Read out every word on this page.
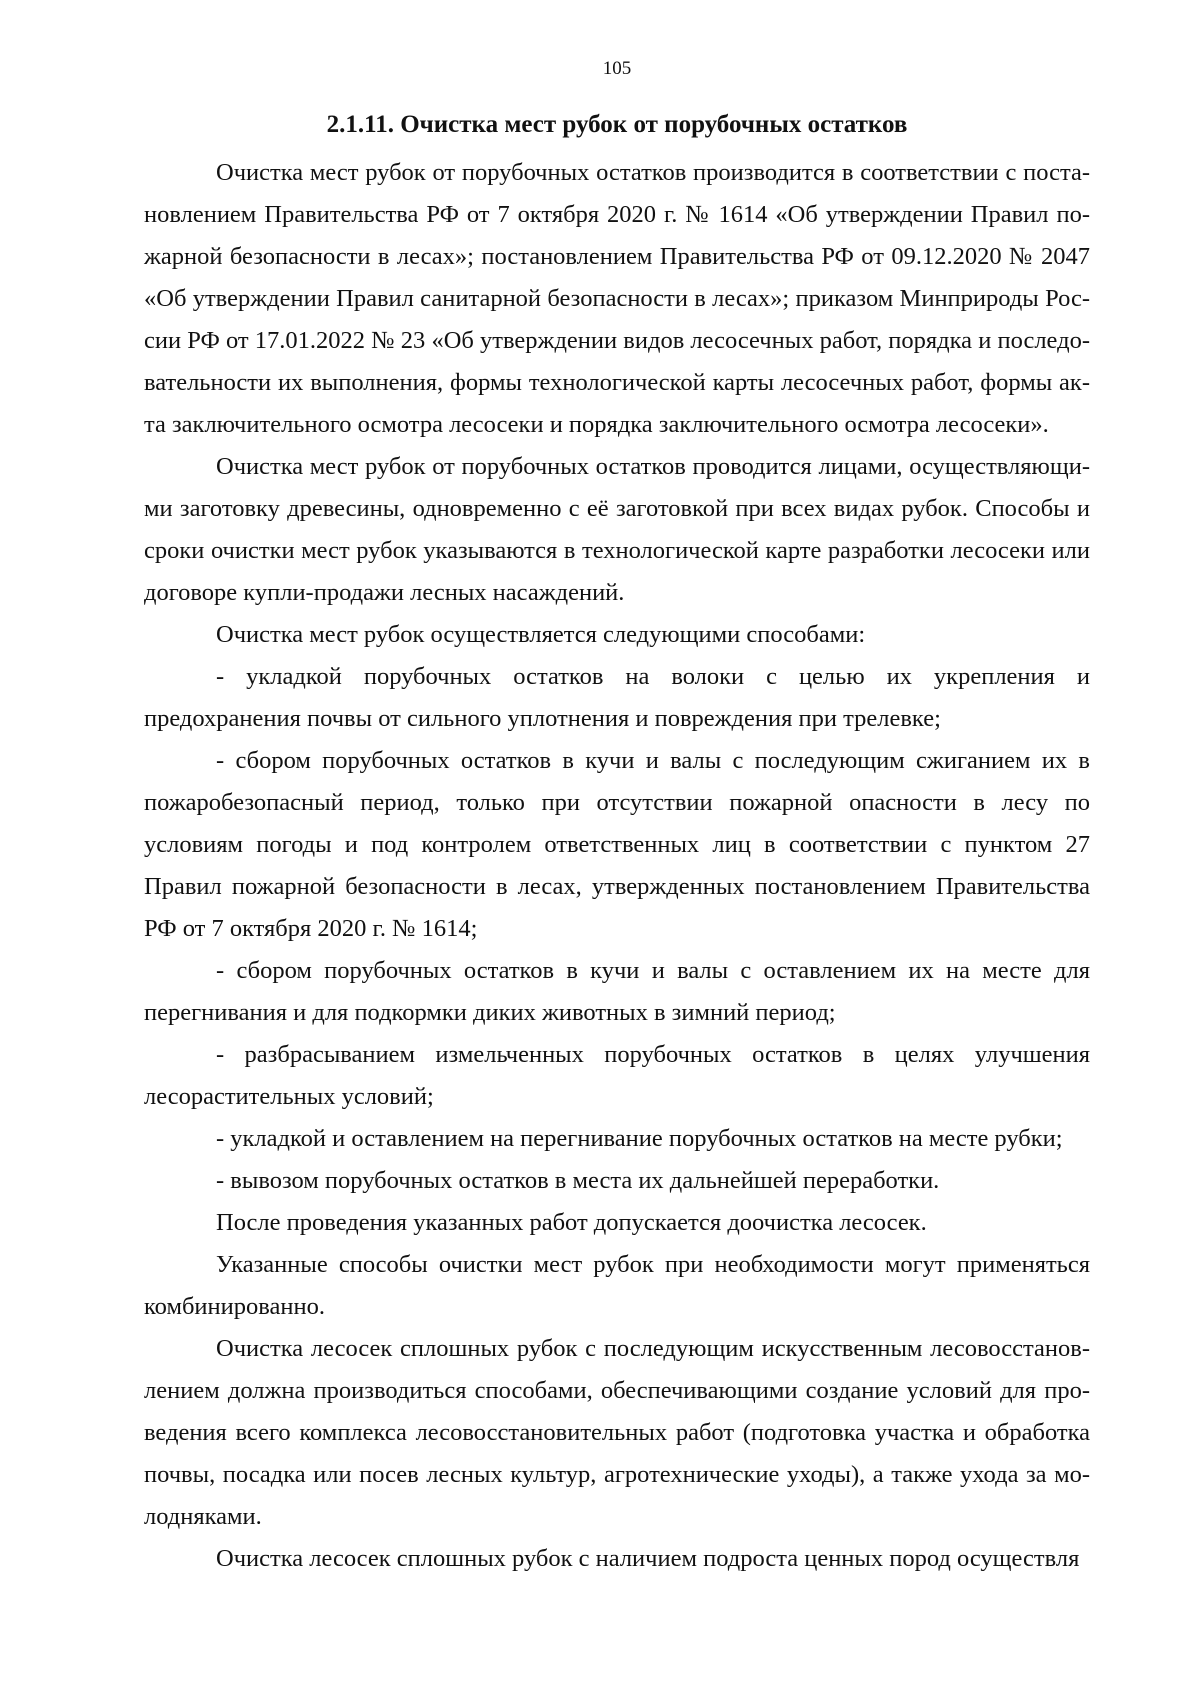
105
2.1.11. Очистка мест рубок от порубочных остатков

Очистка мест рубок от порубочных остатков производится в соответствии с постановлением Правительства РФ от 7 октября 2020 г. № 1614 «Об утверждении Правил пожарной безопасности в лесах»; постановлением Правительства РФ от 09.12.2020 № 2047 «Об утверждении Правил санитарной безопасности в лесах»; приказом Минприроды России РФ от 17.01.2022 № 23 «Об утверждении видов лесосечных работ, порядка и последовательности их выполнения, формы технологической карты лесосечных работ, формы акта заключительного осмотра лесосеки и порядка заключительного осмотра лесосеки».

Очистка мест рубок от порубочных остатков проводится лицами, осуществляющими заготовку древесины, одновременно с её заготовкой при всех видах рубок. Способы и сроки очистки мест рубок указываются в технологической карте разработки лесосеки или договоре купли-продажи лесных насаждений.

Очистка мест рубок осуществляется следующими способами:

- укладкой порубочных остатков на волоки с целью их укрепления и предохранения почвы от сильного уплотнения и повреждения при трелевке;

- сбором порубочных остатков в кучи и валы с последующим сжиганием их в пожаробезопасный период, только при отсутствии пожарной опасности в лесу по условиям погоды и под контролем ответственных лиц в соответствии с пунктом 27 Правил пожарной безопасности в лесах, утвержденных постановлением Правительства РФ от 7 октября 2020 г. № 1614;

- сбором порубочных остатков в кучи и валы с оставлением их на месте для перегнивания и для подкормки диких животных в зимний период;

- разбрасыванием измельченных порубочных остатков в целях улучшения лесорастительных условий;

- укладкой и оставлением на перегнивание порубочных остатков на месте рубки;

- вывозом порубочных остатков в места их дальнейшей переработки.

После проведения указанных работ допускается доочистка лесосек.

Указанные способы очистки мест рубок при необходимости могут применяться комбинированно.

Очистка лесосек сплошных рубок с последующим искусственным лесовосстановлением должна производиться способами, обеспечивающими создание условий для проведения всего комплекса лесовосстановительных работ (подготовка участка и обработка почвы, посадка или посев лесных культур, агротехнические уходы), а также ухода за молодняками.

Очистка лесосек сплошных рубок с наличием подроста ценных пород осуществля
